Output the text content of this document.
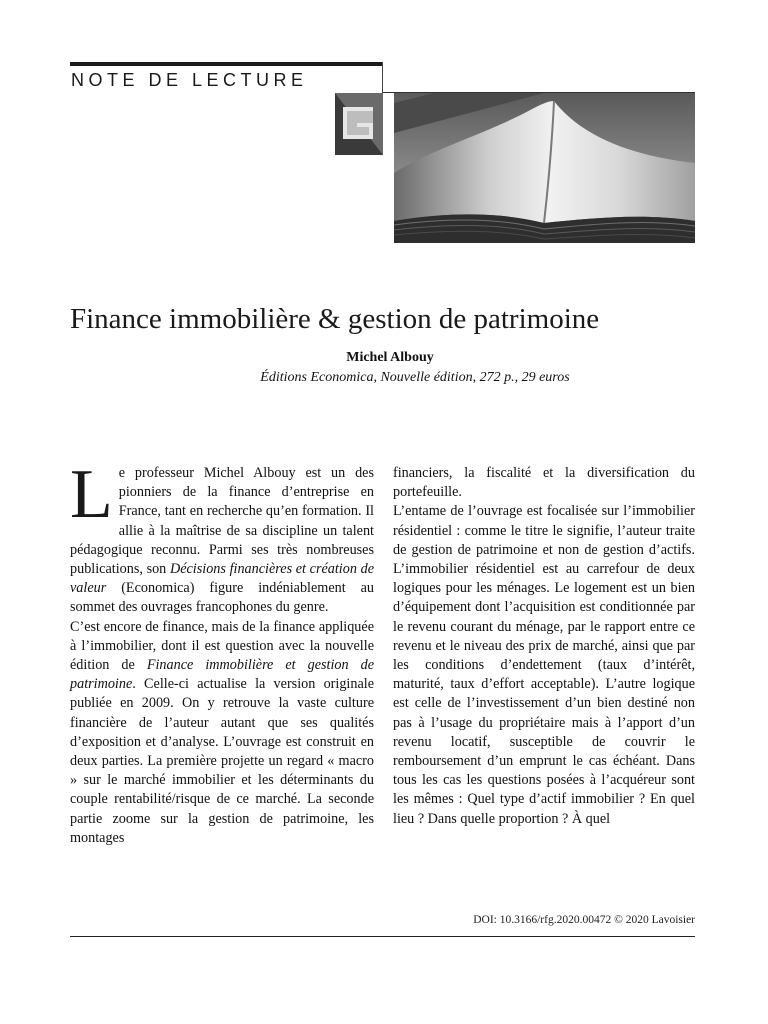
NOTE DE LECTURE
Finance immobilière & gestion de patrimoine
Michel Albouy
Éditions Economica, Nouvelle édition, 272 p., 29 euros
L e professeur Michel Albouy est un des pionniers de la finance d’entreprise en France, tant en recherche qu’en formation. Il allie à la maîtrise de sa discipline un talent pédagogique reconnu. Parmi ses très nombreuses publications, son Décisions financières et création de valeur (Economica) figure indéniablement au sommet des ouvrages francophones du genre.

C’est encore de finance, mais de la finance appliquée à l’immobilier, dont il est question avec la nouvelle édition de Finance immobilière et gestion de patrimoine. Celle-ci actualise la version originale publiée en 2009. On y retrouve la vaste culture financière de l’auteur autant que ses qualités d’exposition et d’analyse. L’ouvrage est construit en deux parties. La première projette un regard « macro » sur le marché immobilier et les déterminants du couple rentabilité/risque de ce marché. La seconde partie zoome sur la gestion de patrimoine, les montages

financiers, la fiscalité et la diversification du portefeuille.

L’entame de l’ouvrage est focalisée sur l’immobilier résidentiel : comme le titre le signifie, l’auteur traite de gestion de patrimoine et non de gestion d’actifs. L’immobilier résidentiel est au carrefour de deux logiques pour les ménages. Le logement est un bien d’équipement dont l’acquisition est conditionnée par le revenu courant du ménage, par le rapport entre ce revenu et le niveau des prix de marché, ainsi que par les conditions d’endettement (taux d’intérêt, maturité, taux d’effort acceptable). L’autre logique est celle de l’investissement d’un bien destiné non pas à l’usage du propriétaire mais à l’apport d’un revenu locatif, susceptible de couvrir le remboursement d’un emprunt le cas échéant. Dans tous les cas les questions posées à l’acquéreur sont les mêmes : Quel type d’actif immobilier ? En quel lieu ? Dans quelle proportion ? À quel

DOI: 10.3166/rfg.2020.00472 © 2020 Lavoisier
